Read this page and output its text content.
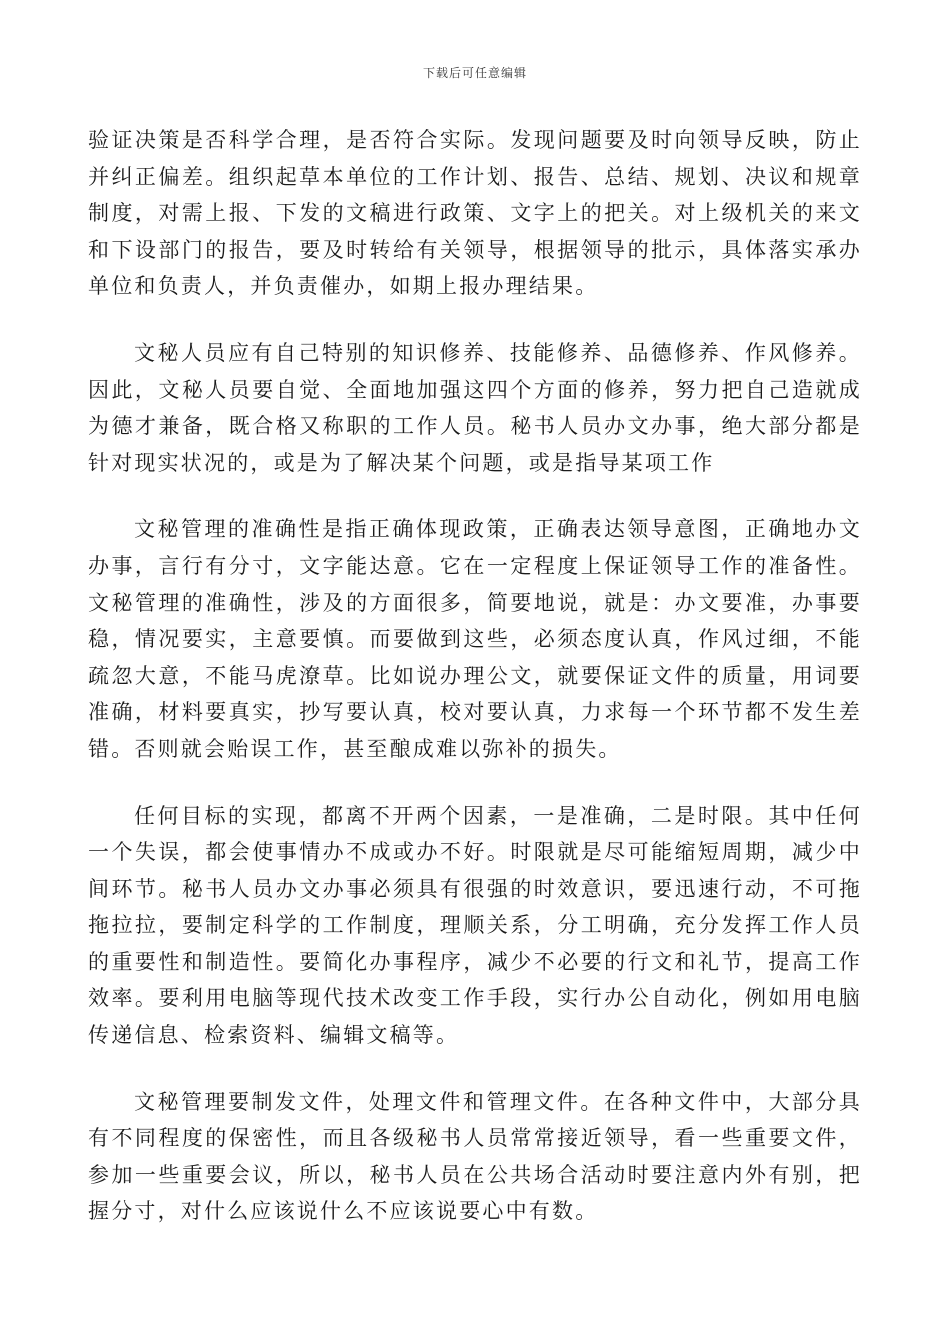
下载后可任意编辑

验证决策是否科学合理，是否符合实际。发现问题要及时向领导反映，防止并纠正偏差。组织起草本单位的工作计划、报告、总结、规划、决议和规章制度，对需上报、下发的文稿进行政策、文字上的把关。对上级机关的来文和下设部门的报告，要及时转给有关领导，根据领导的批示，具体落实承办单位和负责人，并负责催办，如期上报办理结果。

文秘人员应有自己特别的知识修养、技能修养、品德修养、作风修养。因此，文秘人员要自觉、全面地加强这四个方面的修养，努力把自己造就成为德才兼备，既合格又称职的工作人员。秘书人员办文办事，绝大部分都是针对现实状况的，或是为了解决某个问题，或是指导某项工作

文秘管理的准确性是指正确体现政策，正确表达领导意图，正确地办文办事，言行有分寸，文字能达意。它在一定程度上保证领导工作的准备性。文秘管理的准确性，涉及的方面很多，简要地说，就是：办文要准，办事要稳，情况要实，主意要慎。而要做到这些，必须态度认真，作风过细，不能疏忽大意，不能马虎潦草。比如说办理公文，就要保证文件的质量，用词要准确，材料要真实，抄写要认真，校对要认真，力求每一个环节都不发生差错。否则就会贻误工作，甚至酿成难以弥补的损失。

任何目标的实现，都离不开两个因素，一是准确，二是时限。其中任何一个失误，都会使事情办不成或办不好。时限就是尽可能缩短周期，减少中间环节。秘书人员办文办事必须具有很强的时效意识，要迅速行动，不可拖拖拉拉，要制定科学的工作制度，理顺关系，分工明确，充分发挥工作人员的重要性和制造性。要简化办事程序，减少不必要的行文和礼节，提高工作效率。要利用电脑等现代技术改变工作手段，实行办公自动化，例如用电脑传递信息、检索资料、编辑文稿等。

文秘管理要制发文件，处理文件和管理文件。在各种文件中，大部分具有不同程度的保密性，而且各级秘书人员常常接近领导，看一些重要文件，参加一些重要会议，所以，秘书人员在公共场合活动时要注意内外有别，把握分寸，对什么应该说什么不应该说要心中有数。
